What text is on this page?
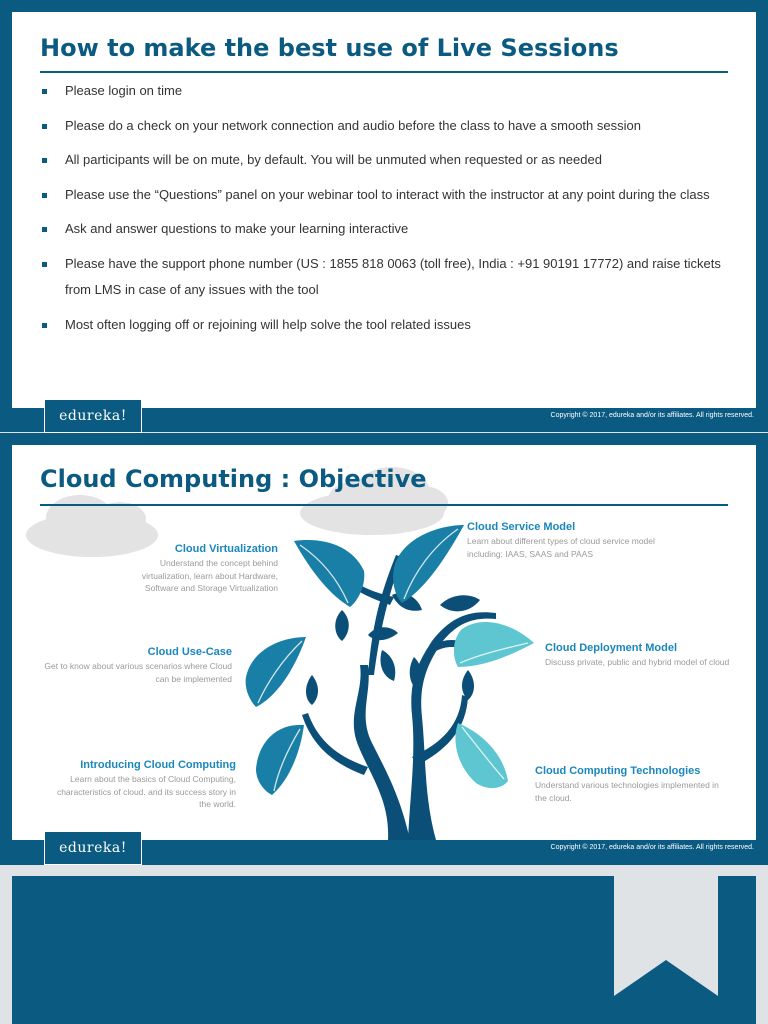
How to make the best use of Live Sessions
Please login on time
Please do a check on your network connection and audio before the class to have a smooth session
All participants will be on mute, by default. You will be unmuted when requested or as needed
Please use the “Questions” panel on your webinar tool to interact with the instructor at any point during the class
Ask and answer questions to make your learning interactive
Please have the support phone number (US : 1855 818 0063 (toll free), India : +91 90191 17772) and raise tickets from LMS in case of any issues with the tool
Most often logging off or rejoining will help solve the tool related issues
edureka!	Copyright © 2017, edureka and/or its affiliates. All rights reserved.
Cloud Computing : Objective
Cloud Virtualization
Understand the concept behind virtualization, learn about Hardware, Software and Storage Virtualization
Cloud Use-Case
Get to know about various scenarios where Cloud can be implemented
Introducing Cloud Computing
Learn about the basics of Cloud Computing, characteristics of cloud. and its success story in the world.
Cloud Service Model
Learn about different types of cloud service model including: IAAS, SAAS and PAAS
Cloud Deployment Model
Discuss private, public and hybrid model of cloud
Cloud Computing Technologies
Understand various technologies implemented in the cloud.
edureka!	Copyright © 2017, edureka and/or its affiliates. All rights reserved.
